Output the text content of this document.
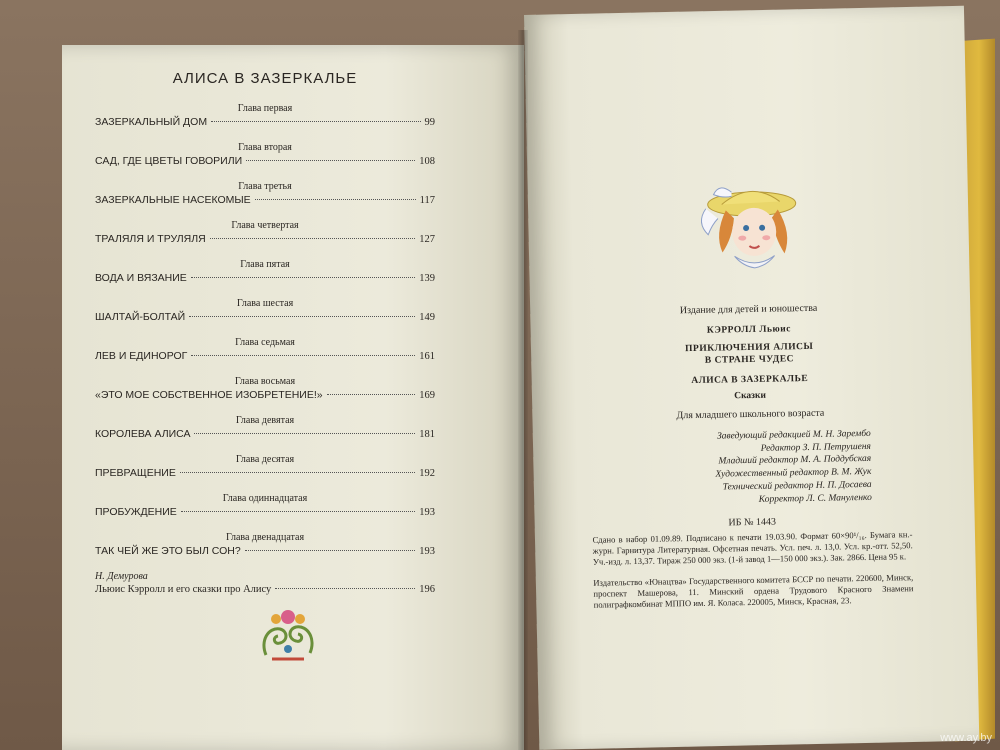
АЛИСА В ЗАЗЕРКАЛЬЕ
Глава первая
ЗАЗЕРКАЛЬНЫЙ ДОМ	99
Глава вторая
САД, ГДЕ ЦВЕТЫ ГОВОРИЛИ	108
Глава третья
ЗАЗЕРКАЛЬНЫЕ НАСЕКОМЫЕ	117
Глава четвертая
ТРАЛЯЛЯ И ТРУЛЯЛЯ	127
Глава пятая
ВОДА И ВЯЗАНИЕ	139
Глава шестая
ШАЛТАЙ-БОЛТАЙ	149
Глава седьмая
ЛЕВ И ЕДИНОРОГ	161
Глава восьмая
«ЭТО МОЕ СОБСТВЕННОЕ ИЗОБРЕТЕНИЕ!»	169
Глава девятая
КОРОЛЕВА АЛИСА	181
Глава десятая
ПРЕВРАЩЕНИЕ	192
Глава одиннадцатая
ПРОБУЖДЕНИЕ	193
Глава двенадцатая
ТАК ЧЕЙ ЖЕ ЭТО БЫЛ СОН?	193
Н. Демурова
Льюис Кэрролл и его сказки про Алису	196
Издание для детей и юношества
КЭРРОЛЛ Льюис
ПРИКЛЮЧЕНИЯ АЛИСЫ
В СТРАНЕ ЧУДЕС
АЛИСА В ЗАЗЕРКАЛЬЕ
Сказки
Для младшего школьного возраста
Заведующий редакцией М. Н. Зарембо
Редактор З. П. Петрушеня
Младший редактор М. А. Поддубская
Художественный редактор В. М. Жук
Технический редактор Н. П. Досаева
Корректор Л. С. Мануленко
ИБ № 1443
Сдано в набор 01.09.89. Подписано к печати 19.03.90. Формат 60×90¹/₁₆. Бумага кн.-журн. Гарнитура Литературная. Офсетная печать. Усл. печ. л. 13,0. Усл. кр.-отт. 52,50. Уч.-изд. л. 13,37. Тираж 250 000 экз. (1-й завод 1—150 000 экз.). Зак. 2866. Цена 95 к.
Издательство «Юнацтва» Государственного комитета БССР по печати. 220600, Минск, проспект Машерова, 11. Минский ордена Трудового Красного Знамени полиграфкомбинат МППО им. Я. Коласа. 220005, Минск, Красная, 23.
www.ay.by
